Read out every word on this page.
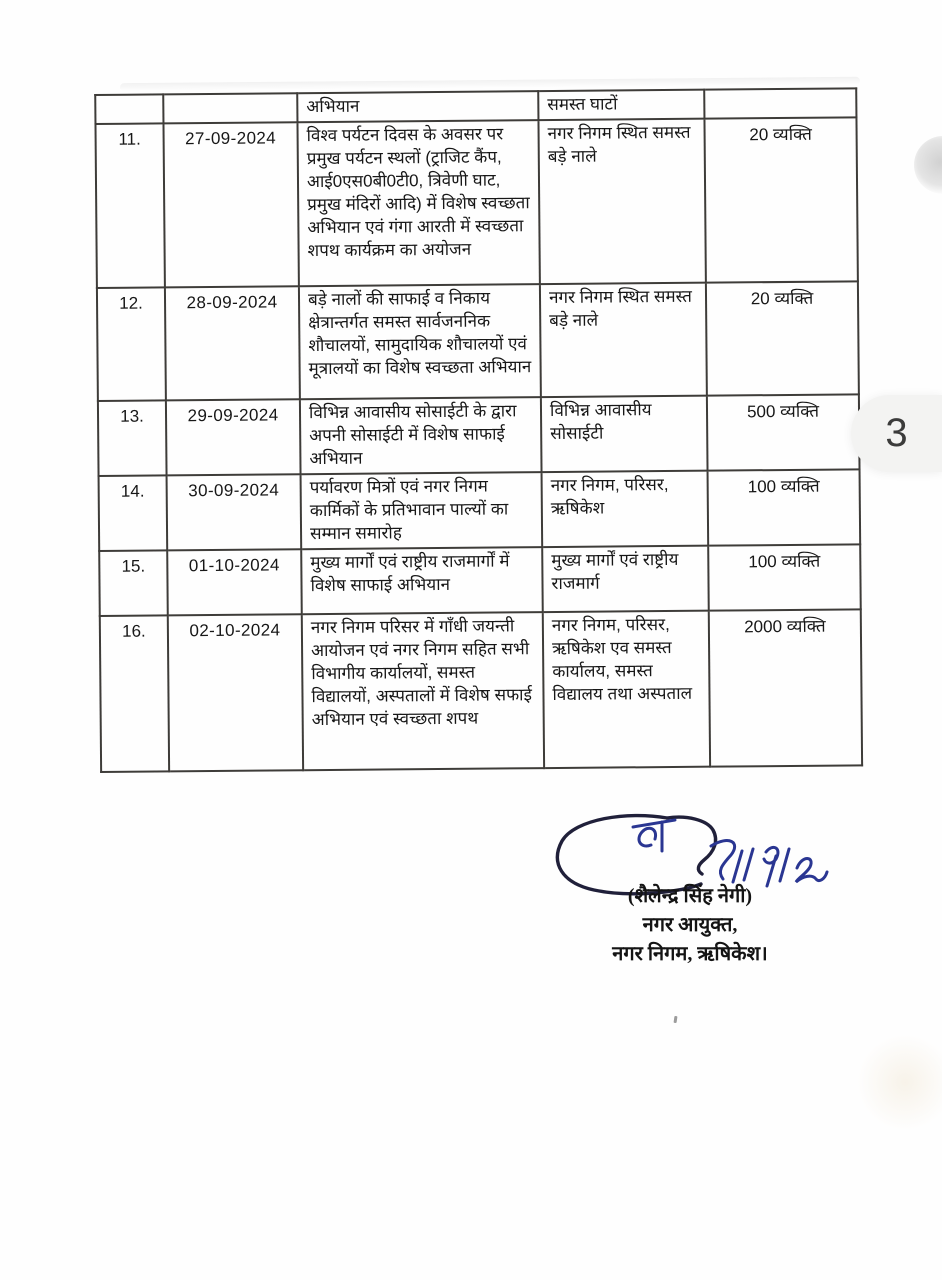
		अभियान	समस्त घाटों	
11.	27-09-2024	विश्व पर्यटन दिवस के अवसर पर प्रमुख पर्यटन स्थलों (ट्राजिट कैंप, आई0एस0बी0टी0, त्रिवेणी घाट, प्रमुख मंदिरों आदि) में विशेष स्वच्छता अभियान एवं गंगा आरती में स्वच्छता शपथ कार्यक्रम का अयोजन	नगर निगम स्थित समस्त बड़े नाले	20 व्यक्ति
12.	28-09-2024	बड़े नालों की साफाई व निकाय क्षेत्रान्तर्गत समस्त सार्वजननिक शौचालयों, सामुदायिक शौचालयों एवं मूत्रालयों का विशेष स्वच्छता अभियान	नगर निगम स्थित समस्त बड़े नाले	20 व्यक्ति
13.	29-09-2024	विभिन्न आवासीय सोसाईटी के द्वारा अपनी सोसाईटी में विशेष साफाई अभियान	विभिन्न आवासीय सोसाईटी	500 व्यक्ति
14.	30-09-2024	पर्यावरण मित्रों एवं नगर निगम कार्मिकों के प्रतिभावान पाल्यों का सम्मान समारोह	नगर निगम, परिसर, ऋषिकेश	100 व्यक्ति
15.	01-10-2024	मुख्य मार्गों एवं राष्ट्रीय राजमार्गों में विशेष साफाई अभियान	मुख्य मार्गों एवं राष्ट्रीय राजमार्ग	100 व्यक्ति
16.	02-10-2024	नगर निगम परिसर में गाँधी जयन्ती आयोजन एवं नगर निगम सहित सभी विभागीय कार्यालयों, समस्त विद्यालयों, अस्पतालों में विशेष सफाई अभियान एवं स्वच्छता शपथ	नगर निगम, परिसर, ऋषिकेश एव समस्त कार्यालय, समस्त विद्यालय तथा अस्पताल	2000 व्यक्ति
3
(शैलेन्द्र सिंह नेगी)
नगर आयुक्त,
नगर निगम, ऋषिकेश।
